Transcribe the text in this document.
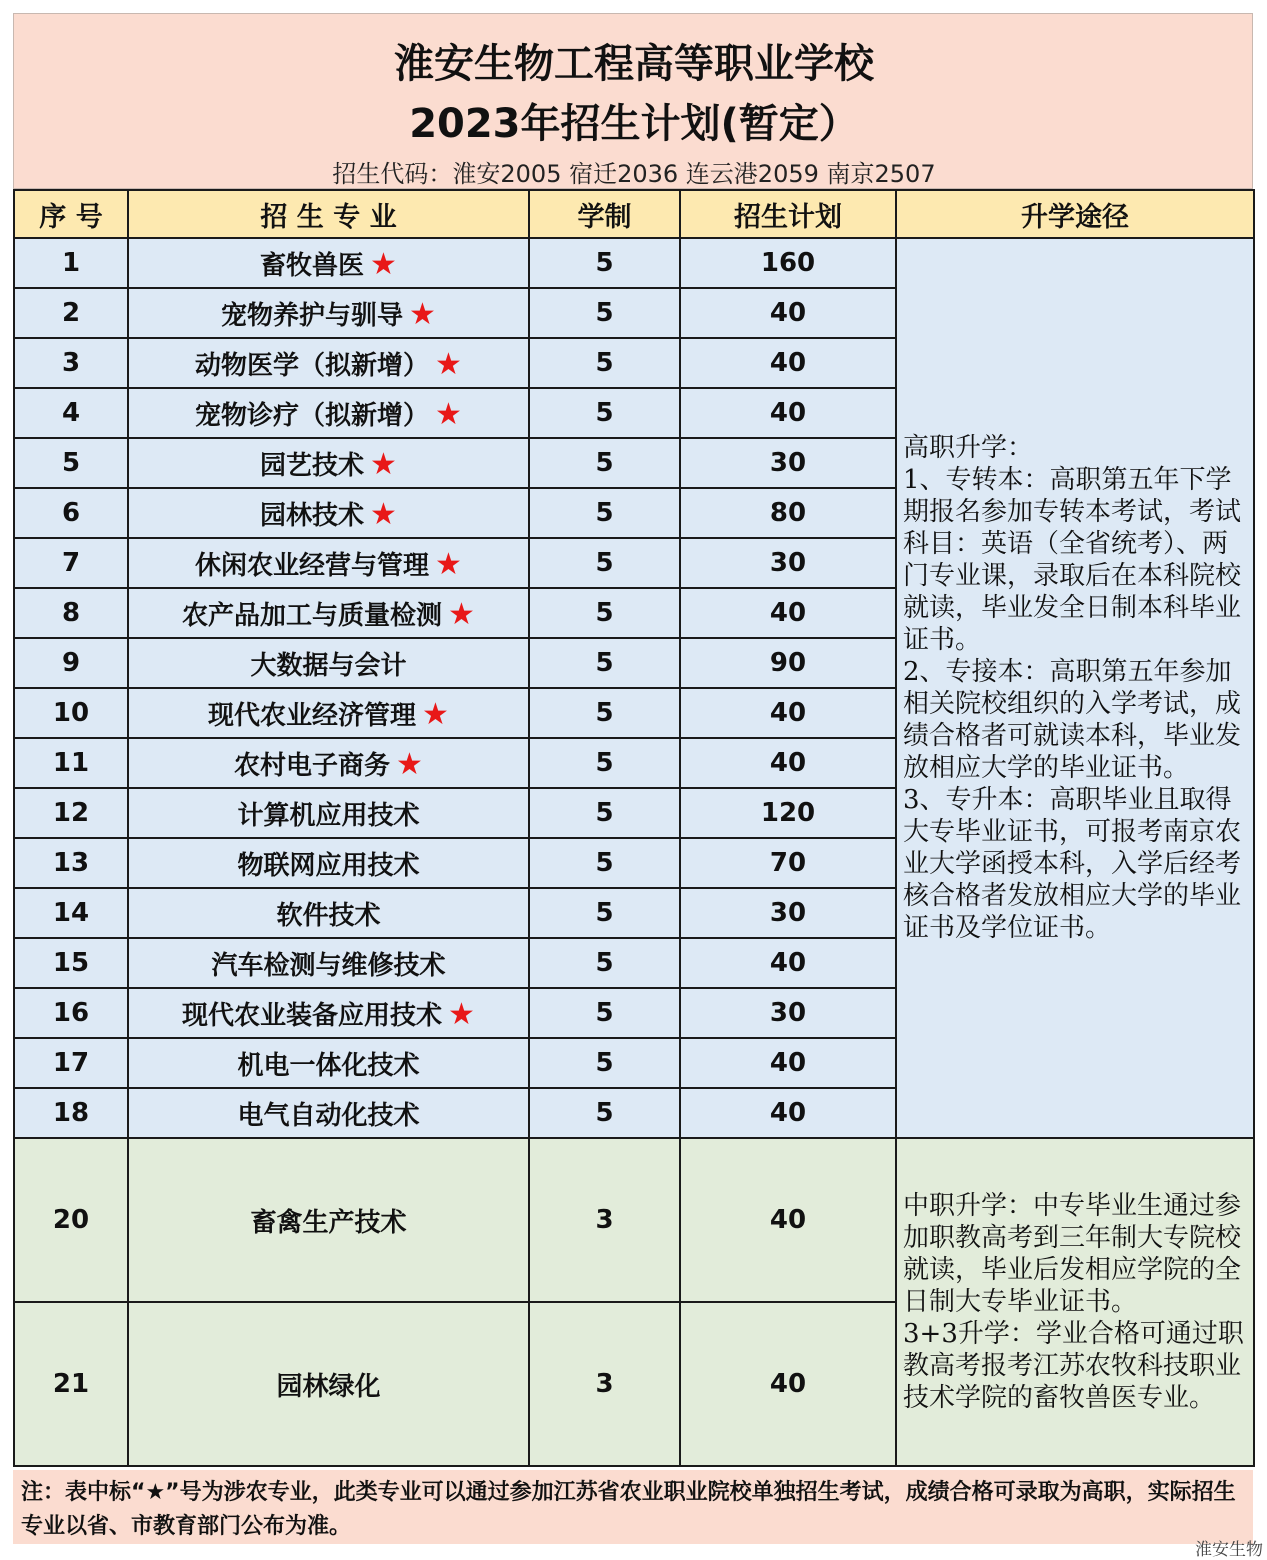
淮安生物工程高等职业学校
2023年招生计划(暂定）
招生代码：淮安2005 宿迁2036 连云港2059 南京2507
序 号	招 生 专 业	学制	招生计划	升学途径
1	畜牧兽医 ★	5	160	高职升学：

1、专转本：高职第五年下学期报名参加专转本考试，考试科目：英语（全省统考）、两门专业课，录取后在本科院校就读，毕业发全日制本科毕业证书。

2、专接本：高职第五年参加相关院校组织的入学考试，成绩合格者可就读本科，毕业发放相应大学的毕业证书。

3、专升本：高职毕业且取得大专毕业证书，可报考南京农业大学函授本科，入学后经考核合格者发放相应大学的毕业证书及学位证书。

2	宠物养护与驯导 ★	5	40	
3	动物医学（拟新增） ★	5	40	
4	宠物诊疗（拟新增） ★	5	40	
5	园艺技术 ★	5	30	
6	园林技术 ★	5	80	
7	休闲农业经营与管理 ★	5	30	
8	农产品加工与质量检测 ★	5	40	
9	大数据与会计	5	90	
10	现代农业经济管理 ★	5	40	
11	农村电子商务 ★	5	40	
12	计算机应用技术	5	120	
13	物联网应用技术	5	70	
14	软件技术	5	30	
15	汽车检测与维修技术	5	40	
16	现代农业装备应用技术 ★	5	30	
17	机电一体化技术	5	40	
18	电气自动化技术	5	40	
20	畜禽生产技术	3	40	中职升学：中专毕业生通过参加职教高考到三年制大专院校就读，毕业后发相应学院的全日制大专毕业证书。

3+3升学：学业合格可通过职教高考报考江苏农牧科技职业技术学院的畜牧兽医专业。

21	园林绿化	3	40	
注：表中标“★”号为涉农专业，此类专业可以通过参加江苏省农业职业院校单独招生考试，成绩合格可录取为高职，实际招生专业以省、市教育部门公布为准。
淮安生物
